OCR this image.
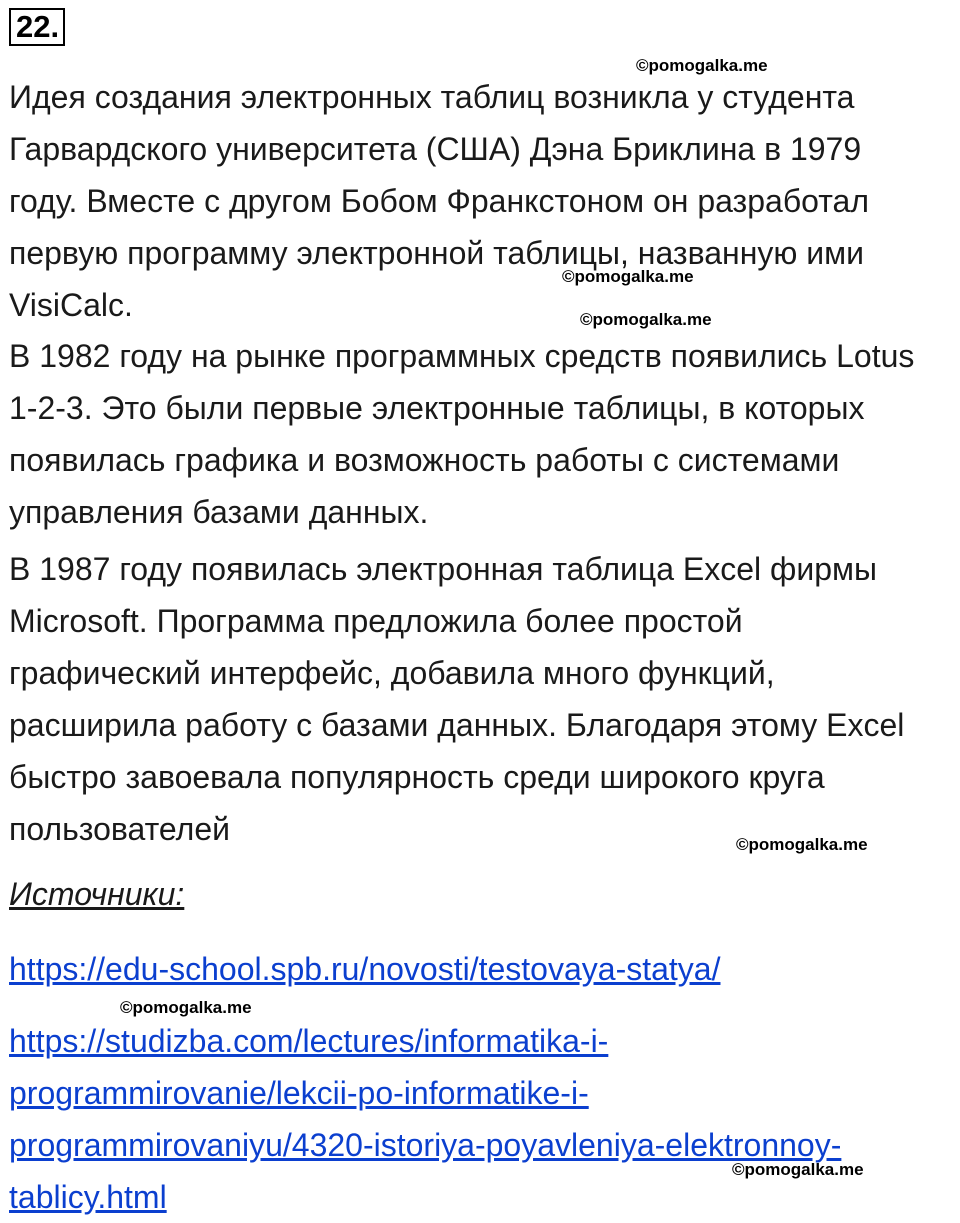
22.
©pomogalka.me

Идея создания электронных таблиц возникла у студента
Гарвардского университета (США) Дэна Бриклина в 1979
году. Вместе с другом Бобом Франкстоном он разработал
первую программу электронной таблицы, названную ими
VisiCalc.

©pomogalka.me
©pomogalka.me

В 1982 году на рынке программных средств появились Lotus
1-2-3. Это были первые электронные таблицы, в которых
появилась графика и возможность работы с системами
управления базами данных.

В 1987 году появилась электронная таблица Excel фирмы
Microsoft. Программа предложила более простой
графический интерфейс, добавила много функций,
расширила работу с базами данных. Благодаря этому Excel
быстро завоевала популярность среди широкого круга
пользователей	©pomogalka.me

Источники:

https://edu-school.spb.ru/novosti/testovaya-statya/
©pomogalka.me
https://studizba.com/lectures/informatika-i-
programmirovanie/lekcii-po-informatike-i-
programmirovaniyu/4320-istoriya-poyavleniya-elektronnoy-
tablicy.html
©pomogalka.me
